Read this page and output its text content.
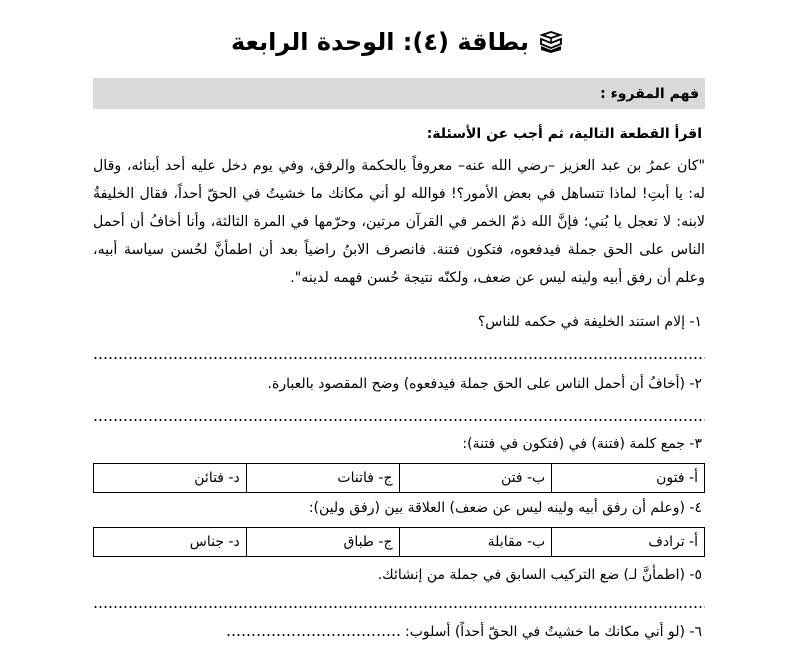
بطاقة (٤): الوحدة الرابعة
فهم المقروء :
اقرأ القطعة التالية، ثم أجب عن الأسئلة:

"كان عمرُ بن عبد العزيز –رضي الله عنه– معروفاً بالحكمة والرفق، وفي يوم دخل عليه أحد أبنائه، وقال له: يا أبتِ! لماذا تتساهل في بعض الأمور؟! فوالله لو أني مكانك ما خشيتُ في الحقّ أحداً، فقال الخليفةُ لابنه: لا تعجل يا بُني؛ فإنَّ الله ذمّ الخمر في القرآن مرتين، وحرّمها في المرة الثالثة، وأنا أخافُ أن أحمل الناس على الحق جملة فيدفعوه، فتكون فتنة. فانصرف الابنُ راضياً بعد أن اطمأنَّ لحُسن سياسة أبيه، وعلم أن رفق أبيه ولينه ليس عن ضعف، ولكنّه نتيجة حُسن فهمه لدينه".

١- إلام استند الخليفة في حكمه للناس؟
٢- (أخافُ أن أحمل الناس على الحق جملة فيدفعوه) وضح المقصود بالعبارة.
٣- جمع كلمة (فتنة) في (فتكون في فتنة):
أ- فتون	ب- فتن	ج- فاتنات	د- فتائن
٤- (وعلم أن رفق أبيه ولينه ليس عن ضعف) العلاقة بين (رفق ولين):
أ- ترادف	ب- مقابلة	ج- طباق	د- جناس
٥- (اطمأنَّ لـ) ضع التركيب السابق في جملة من إنشائك.
٦- (لو أني مكانك ما خشيتُ في الحقّ أحداً) أسلوب:
